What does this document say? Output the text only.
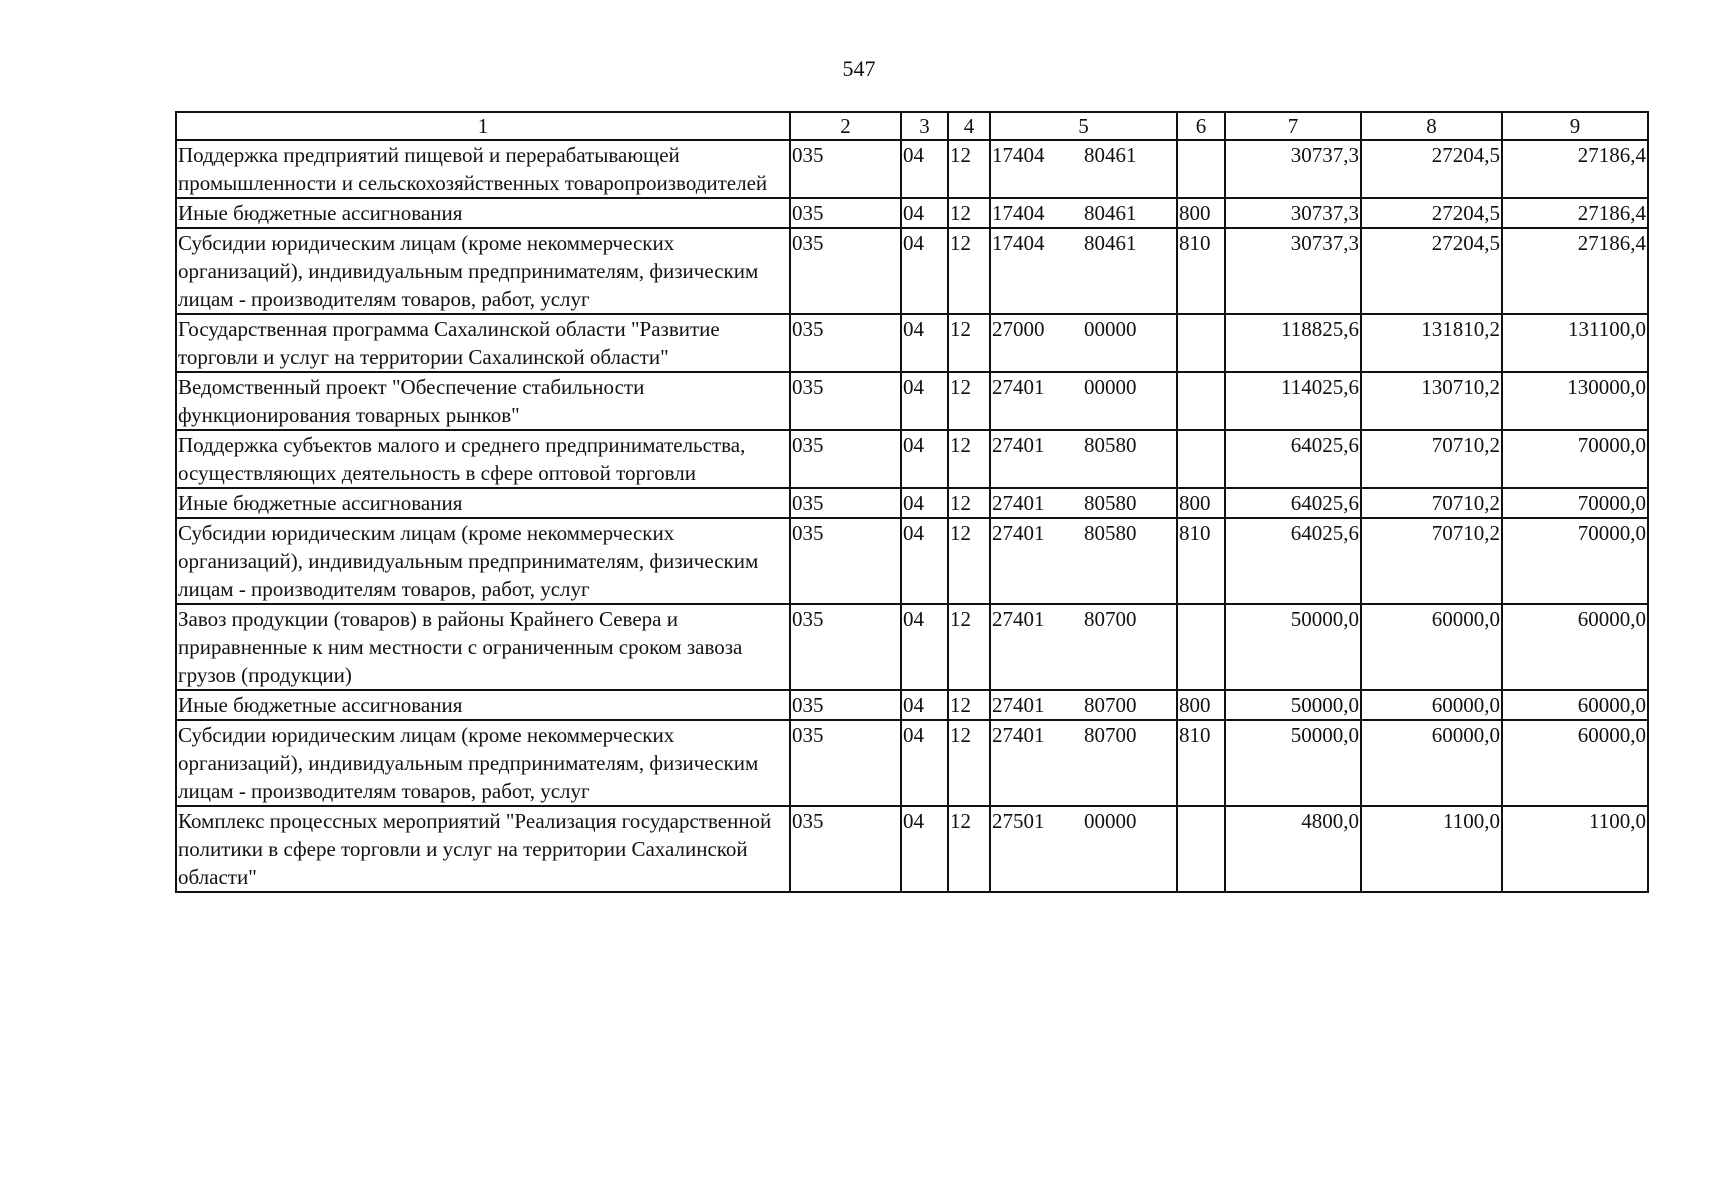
547
1	2	3	4	5	6	7	8	9
Поддержка предприятий пищевой и перерабатывающей промышленности и сельскохозяйственных товаропроизводителей	035	04	12	17404 80461		30737,3	27204,5	27186,4
Иные бюджетные ассигнования	035	04	12	17404 80461	800	30737,3	27204,5	27186,4
Субсидии юридическим лицам (кроме некоммерческих организаций), индивидуальным предпринимателям, физическим лицам - производителям товаров, работ, услуг	035	04	12	17404 80461	810	30737,3	27204,5	27186,4
Государственная программа Сахалинской области "Развитие торговли и услуг на территории Сахалинской области"	035	04	12	27000 00000		118825,6	131810,2	131100,0
Ведомственный проект "Обеспечение стабильности функционирования товарных рынков"	035	04	12	27401 00000		114025,6	130710,2	130000,0
Поддержка субъектов малого и среднего предпринимательства, осуществляющих деятельность в сфере оптовой торговли	035	04	12	27401 80580		64025,6	70710,2	70000,0
Иные бюджетные ассигнования	035	04	12	27401 80580	800	64025,6	70710,2	70000,0
Субсидии юридическим лицам (кроме некоммерческих организаций), индивидуальным предпринимателям, физическим лицам - производителям товаров, работ, услуг	035	04	12	27401 80580	810	64025,6	70710,2	70000,0
Завоз продукции (товаров) в районы Крайнего Севера и приравненные к ним местности с ограниченным сроком завоза грузов (продукции)	035	04	12	27401 80700		50000,0	60000,0	60000,0
Иные бюджетные ассигнования	035	04	12	27401 80700	800	50000,0	60000,0	60000,0
Субсидии юридическим лицам (кроме некоммерческих организаций), индивидуальным предпринимателям, физическим лицам - производителям товаров, работ, услуг	035	04	12	27401 80700	810	50000,0	60000,0	60000,0
Комплекс процессных мероприятий "Реализация государственной политики в сфере торговли и услуг на территории Сахалинской области"	035	04	12	27501 00000		4800,0	1100,0	1100,0
